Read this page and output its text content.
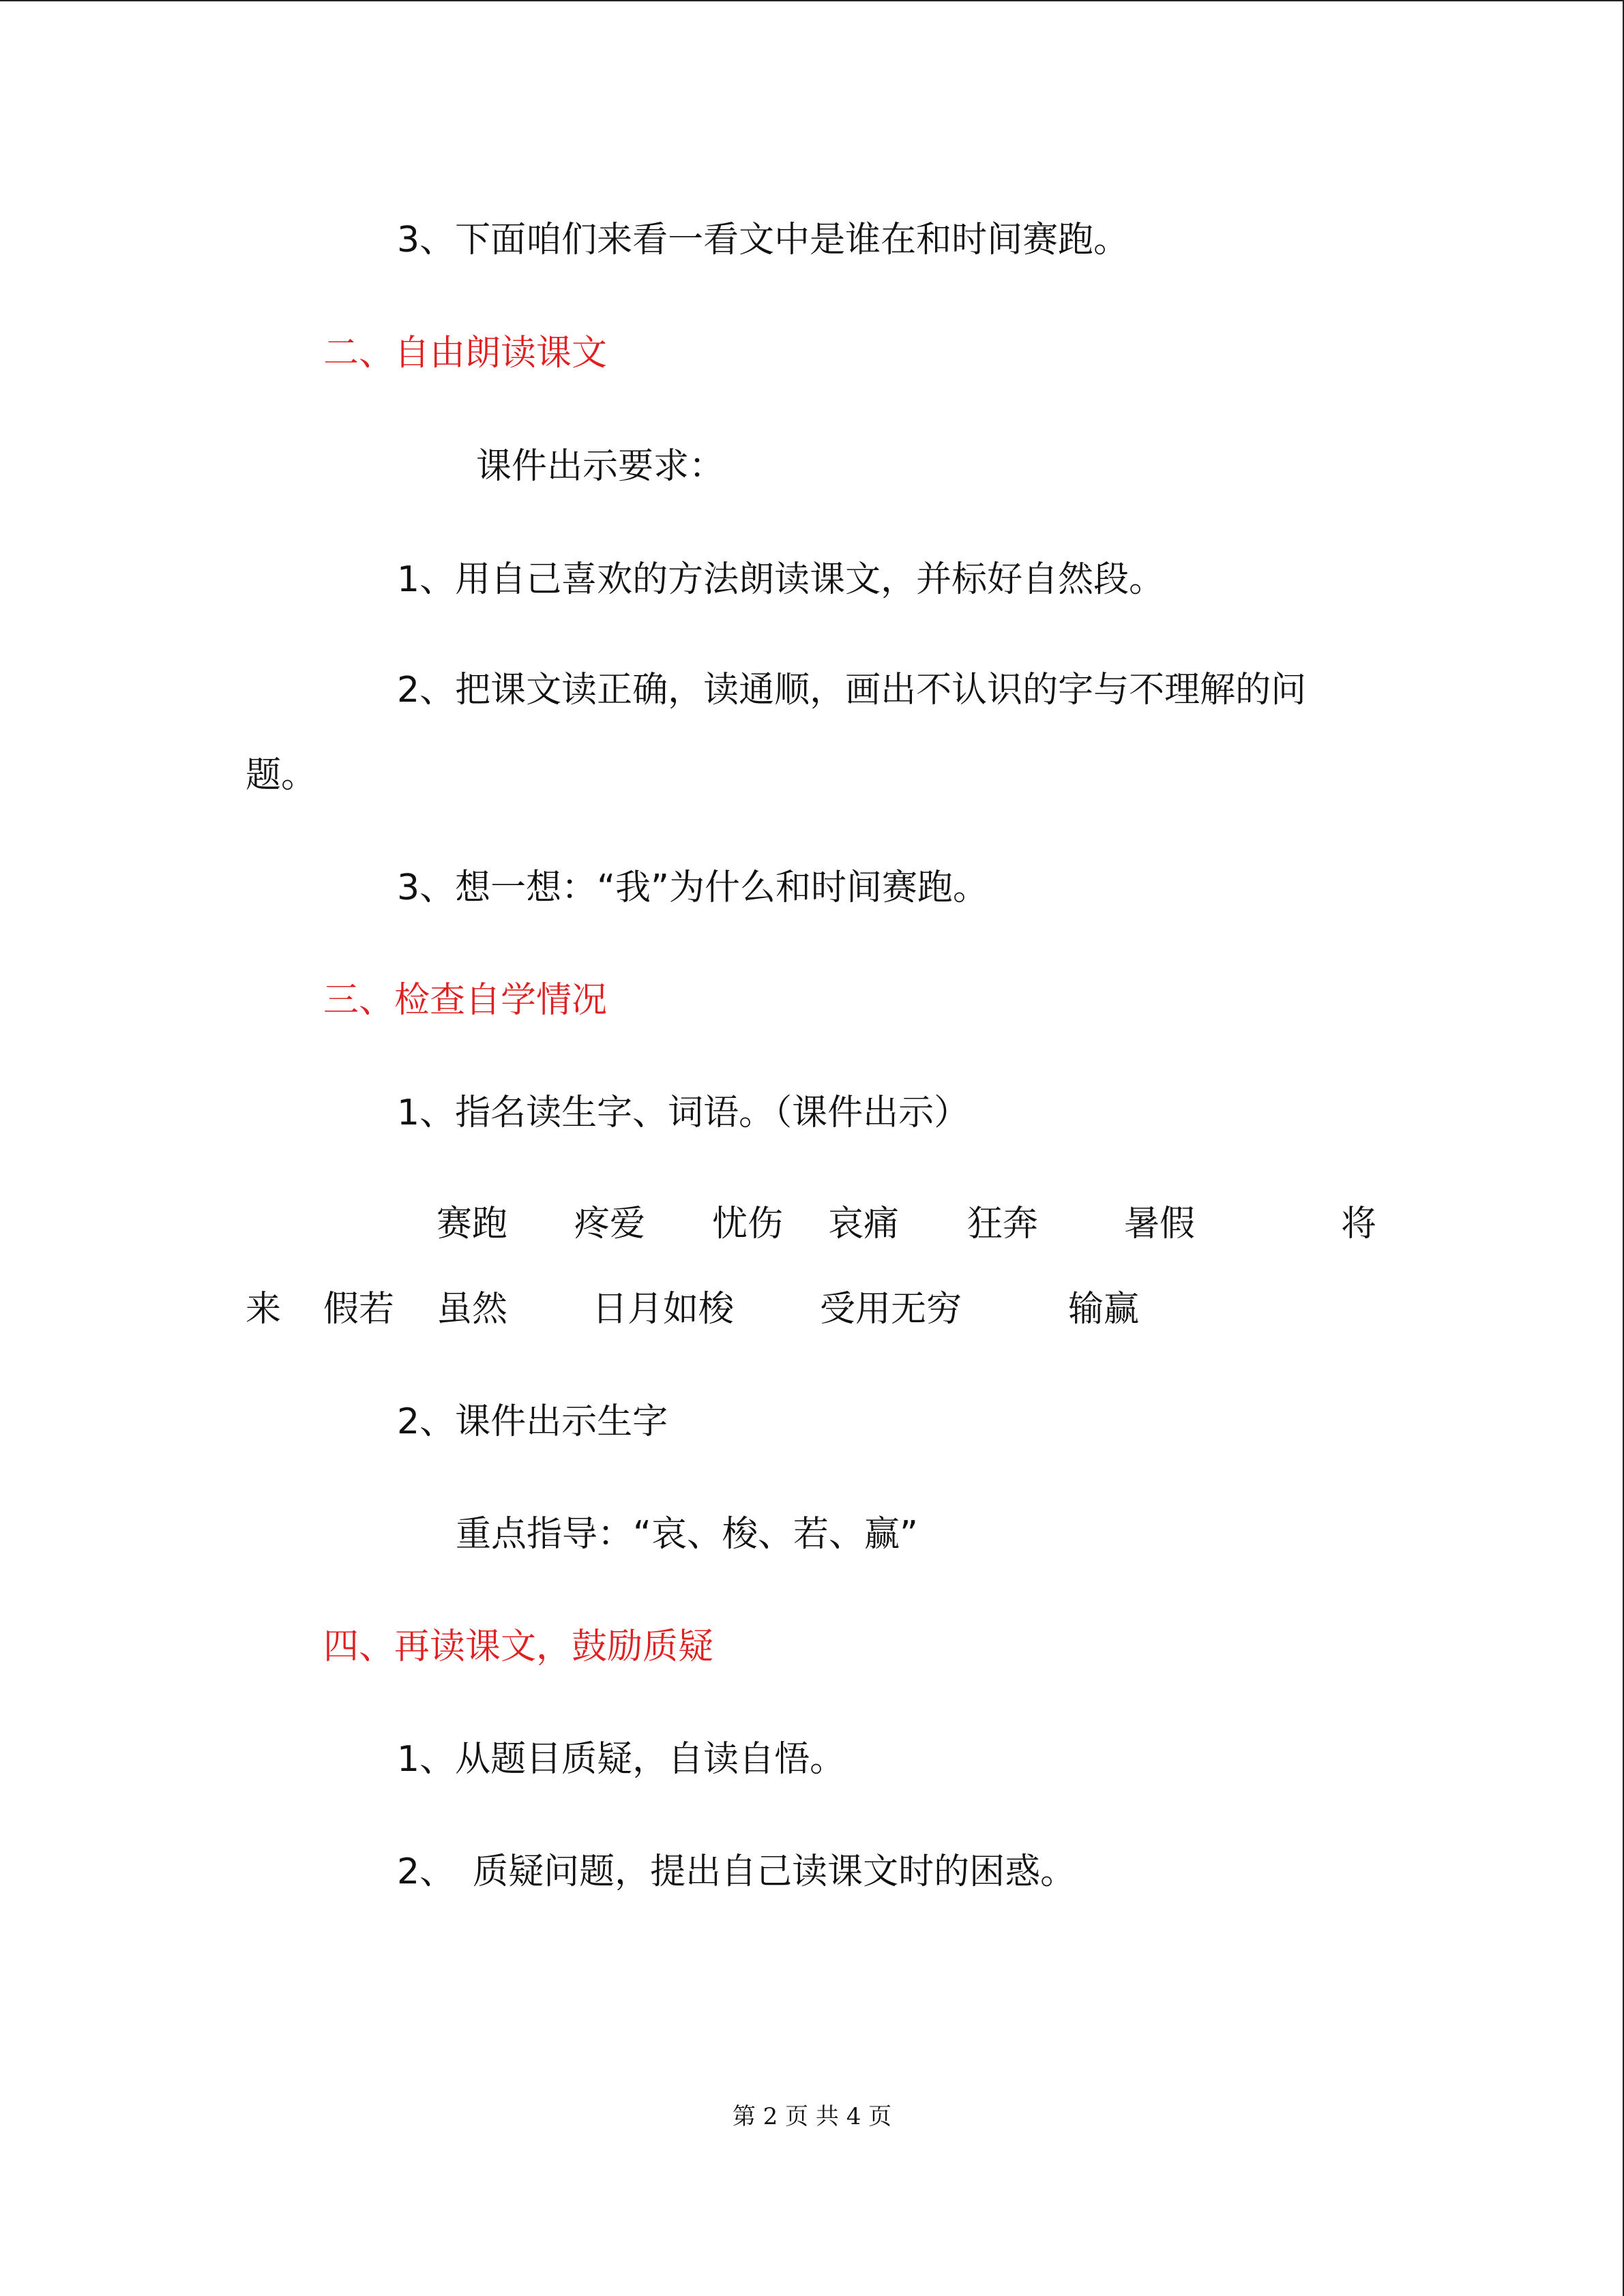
3、下面咱们来看一看文中是谁在和时间赛跑。
二、自由朗读课文
课件出示要求：
1、用自己喜欢的方法朗读课文，并标好自然段。
2、把课文读正确，读通顺，画出不认识的字与不理解的问
题。
3、想一想：“我”为什么和时间赛跑。
三、检查自学情况
1、指名读生字、词语。（课件出示）

赛跑

疼爱

忧伤

哀痛

狂奔

暑假

	将

来

假若

虽然

日月如梭

受用无穷

	输赢

2、课件出示生字
重点指导：“哀、梭、若、赢”
四、再读课文，鼓励质疑
1、从题目质疑，自读自悟。
2、　质疑问题，提出自己读课文时的困惑。
第 2 页 共 4 页
